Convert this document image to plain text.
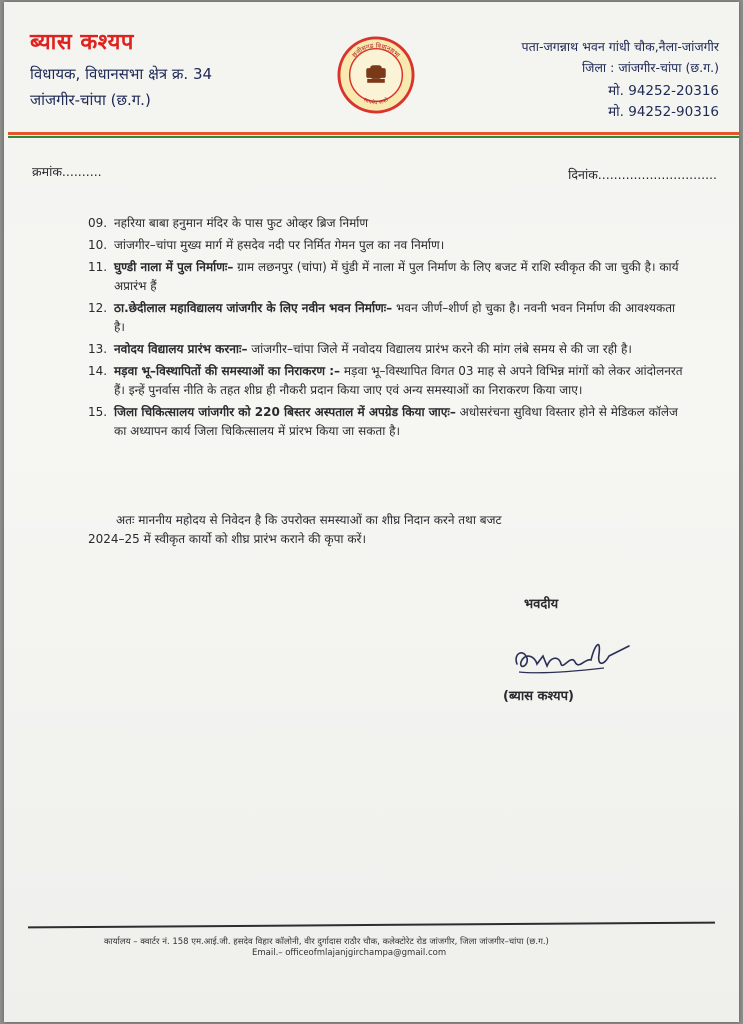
ब्यास कश्यप
विधायक, विधानसभा क्षेत्र क्र. 34
जांजगीर-चांपा (छ.ग.)
छत्तीसगढ़ विधानसभा
सत्यमेव जयते
पता-जगन्नाथ भवन गांधी चौक,नैला-जांजगीर
जिला : जांजगीर-चांपा (छ.ग.)
मो. 94252-20316
मो. 94252-90316
क्रमांक..........	दिनांक..............................
09. नहरिया बाबा हनुमान मंदिर के पास फुट ओव्हर ब्रिज निर्माण
10. जांजगीर–चांपा मुख्य मार्ग में हसदेव नदी पर निर्मित गेमन पुल का नव निर्माण।
11. घुण्डी नाला में पुल निर्माणः– ग्राम लछनपुर (चांपा) में घुंडी में नाला में पुल निर्माण के लिए बजट में राशि स्वीकृत की जा चुकी है। कार्य अप्रारंभ हैं
12. ठा.छेदीलाल महाविद्यालय जांजगीर के लिए नवीन भवन निर्माणः– भवन जीर्ण–शीर्ण हो चुका है। नवनी भवन निर्माण की आवश्यकता है।
13. नवोदय विद्यालय प्रारंभ करनाः– जांजगीर–चांपा जिले में नवोदय विद्यालय प्रारंभ करने की मांग लंबे समय से की जा रही है।
14. मड़वा भू–विस्थापितों की समस्याओं का निराकरण :– मड़वा भू–विस्थापित विगत 03 माह से अपने विभिन्न मांगों को लेकर आंदोलनरत हैं। इन्हें पुनर्वास नीति के तहत शीघ्र ही नौकरी प्रदान किया जाए एवं अन्य समस्याओं का निराकरण किया जाए।
15. जिला चिकित्सालय जांजगीर को 220 बिस्तर अस्पताल में अपग्रेड किया जाएः– अधोसरंचना सुविधा विस्तार होने से मेडिकल कॉलेज का अध्यापन कार्य जिला चिकित्सालय में प्रांरभ किया जा सकता है।
अतः माननीय महोदय से निवेदन है कि उपरोक्त समस्याओं का शीघ्र निदान करने तथा बजट
2024–25 में स्वीकृत कार्यो को शीघ्र प्रारंभ कराने की कृपा करें।
भवदीय
(ब्यास कश्यप)
कार्यालय – क्वार्टर नं. 158 एम.आई.जी. हसदेव विहार कॉलोनी, वीर दुर्गादास राठौर चौक, कलेक्टोरेट रोड जांजगीर, जिला जांजगीर–चांपा (छ.ग.)
Email.– officeofmlajanjgirchampa@gmail.com
